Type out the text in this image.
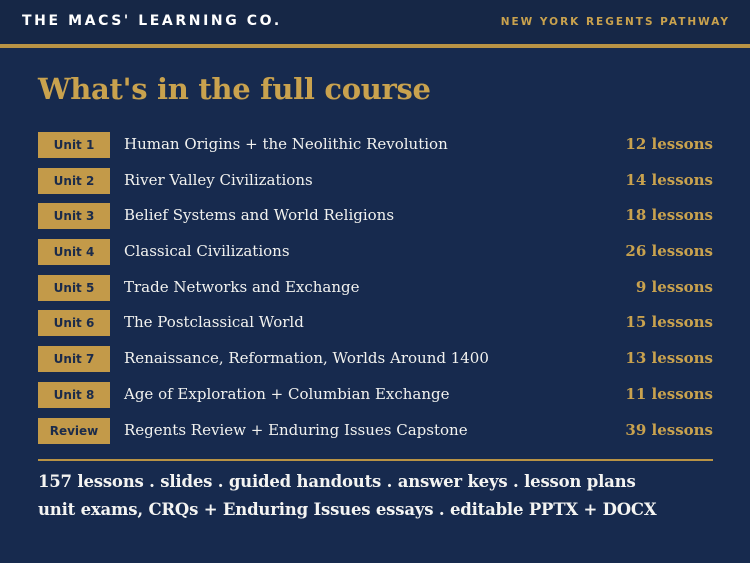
THE MACS' LEARNING CO.	NEW YORK REGENTS PATHWAY
What's in the full course
Unit 1	Human Origins + the Neolithic Revolution	12 lessons
Unit 2	River Valley Civilizations	14 lessons
Unit 3	Belief Systems and World Religions	18 lessons
Unit 4	Classical Civilizations	26 lessons
Unit 5	Trade Networks and Exchange	9 lessons
Unit 6	The Postclassical World	15 lessons
Unit 7	Renaissance, Reformation, Worlds Around 1400	13 lessons
Unit 8	Age of Exploration + Columbian Exchange	11 lessons
Review	Regents Review + Enduring Issues Capstone	39 lessons
157 lessons . slides . guided handouts . answer keys . lesson plans
unit exams, CRQs + Enduring Issues essays . editable PPTX + DOCX
